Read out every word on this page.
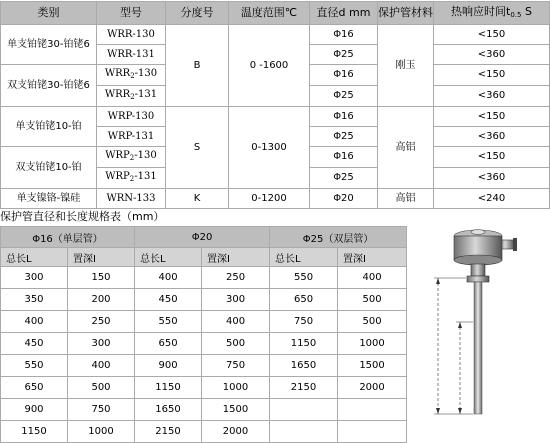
类别	型号	分度号	温度范围℃	直径d mm	保护管材料	热响应时间$t_{0.5}$ S
单支铂铑30-铂铑6	WRR-130	B	0 -1600	Φ16	刚玉	<150
	WRR-131			Φ25		<360
双支铂铑30-铂铑6	$WRR_2-130$			Φ16		<150
	$WRR_2-131$			Φ25		<360
单支铂铑10-铂	WRP-130	S	0-1300	Φ16	高铝	<150
	WRP-131			Φ25		<360
双支铂铑10-铂	$WRP_2-130$			Φ16		<150
	$WRP_2-131$			Φ25		<360
单支镍铬-镍硅	WRN-133	K	0-1200	Φ20	高铝	<240
保护管直径和长度规格表（mm）
Φ16（单层管）		Φ20		Φ25（双层管）	
总长L	置深I	总长L	置深I	总长L	置深I
300	150	400	250	550	400
350	200	450	300	650	500
400	250	550	400	750	500
450	300	650	500	1150	1000
550	400	900	750	1650	1500
650	500	1150	1000	2150	2000
900	750	1650	1500		
1150	1000	2150	2000		
